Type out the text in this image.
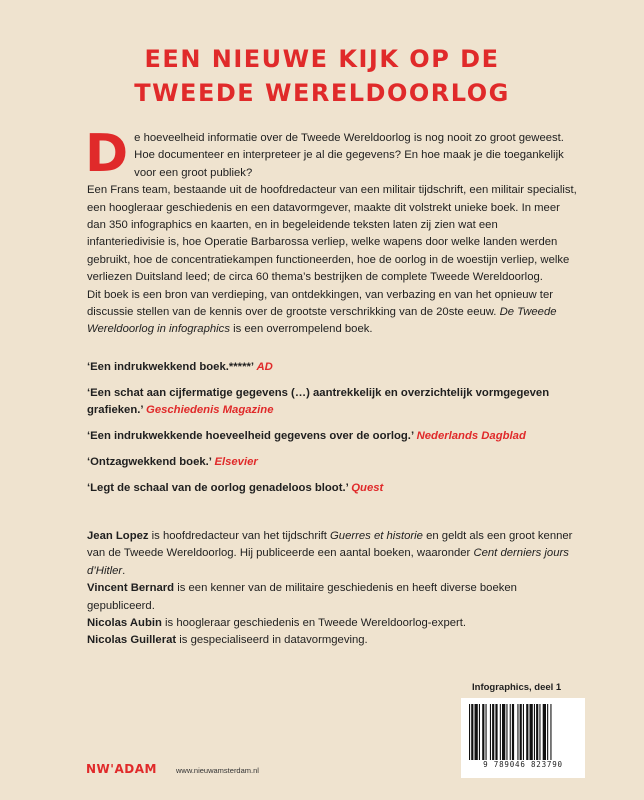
EEN NIEUWE KIJK OP DE
TWEEDE WERELDOORLOG
D e hoeveelheid informatie over de Tweede Wereldoorlog is nog nooit zo groot geweest. Hoe documenteer en interpreteer je al die gegevens? En hoe maak je die toegankelijk voor een groot publiek?

Een Frans team, bestaande uit de hoofdredacteur van een militair tijdschrift, een militair specialist, een hoogleraar geschiedenis en een datavormgever, maakte dit volstrekt unieke boek. In meer dan 350 infographics en kaarten, en in begeleidende teksten laten zij zien wat een infanteriedivisie is, hoe Operatie Barbarossa verliep, welke wapens door welke landen werden gebruikt, hoe de concentratiekampen functioneerden, hoe de oorlog in de woestijn verliep, welke verliezen Duitsland leed; de circa 60 thema’s bestrijken de complete Tweede Wereldoorlog.

Dit boek is een bron van verdieping, van ontdekkingen, van verbazing en van het opnieuw ter discussie stellen van de kennis over de grootste verschrikking van de 20ste eeuw. De Tweede Wereldoorlog in infographics is een overrompelend boek.

‘Een indrukwekkend boek.*****’ AD

‘Een schat aan cijfermatige gegevens (…) aantrekkelijk en overzichtelijk vormgegeven grafieken.’ Geschiedenis Magazine

‘Een indrukwekkende hoeveelheid gegevens over de oorlog.’ Nederlands Dagblad

‘Ontzagwekkend boek.’ Elsevier

‘Legt de schaal van de oorlog genadeloos bloot.’ Quest

Jean Lopez is hoofdredacteur van het tijdschrift Guerres et historie en geldt als een groot kenner van de Tweede Wereldoorlog. Hij publiceerde een aantal boeken, waaronder Cent derniers jours d’Hitler.

Vincent Bernard is een kenner van de militaire geschiedenis en heeft diverse boeken gepubliceerd.

Nicolas Aubin is hoogleraar geschiedenis en Tweede Wereldoorlog-expert.

Nicolas Guillerat is gespecialiseerd in datavormgeving.

Infographics, deel 1
9 789046 823790
NW'ADAM	www.nieuwamsterdam.nl
